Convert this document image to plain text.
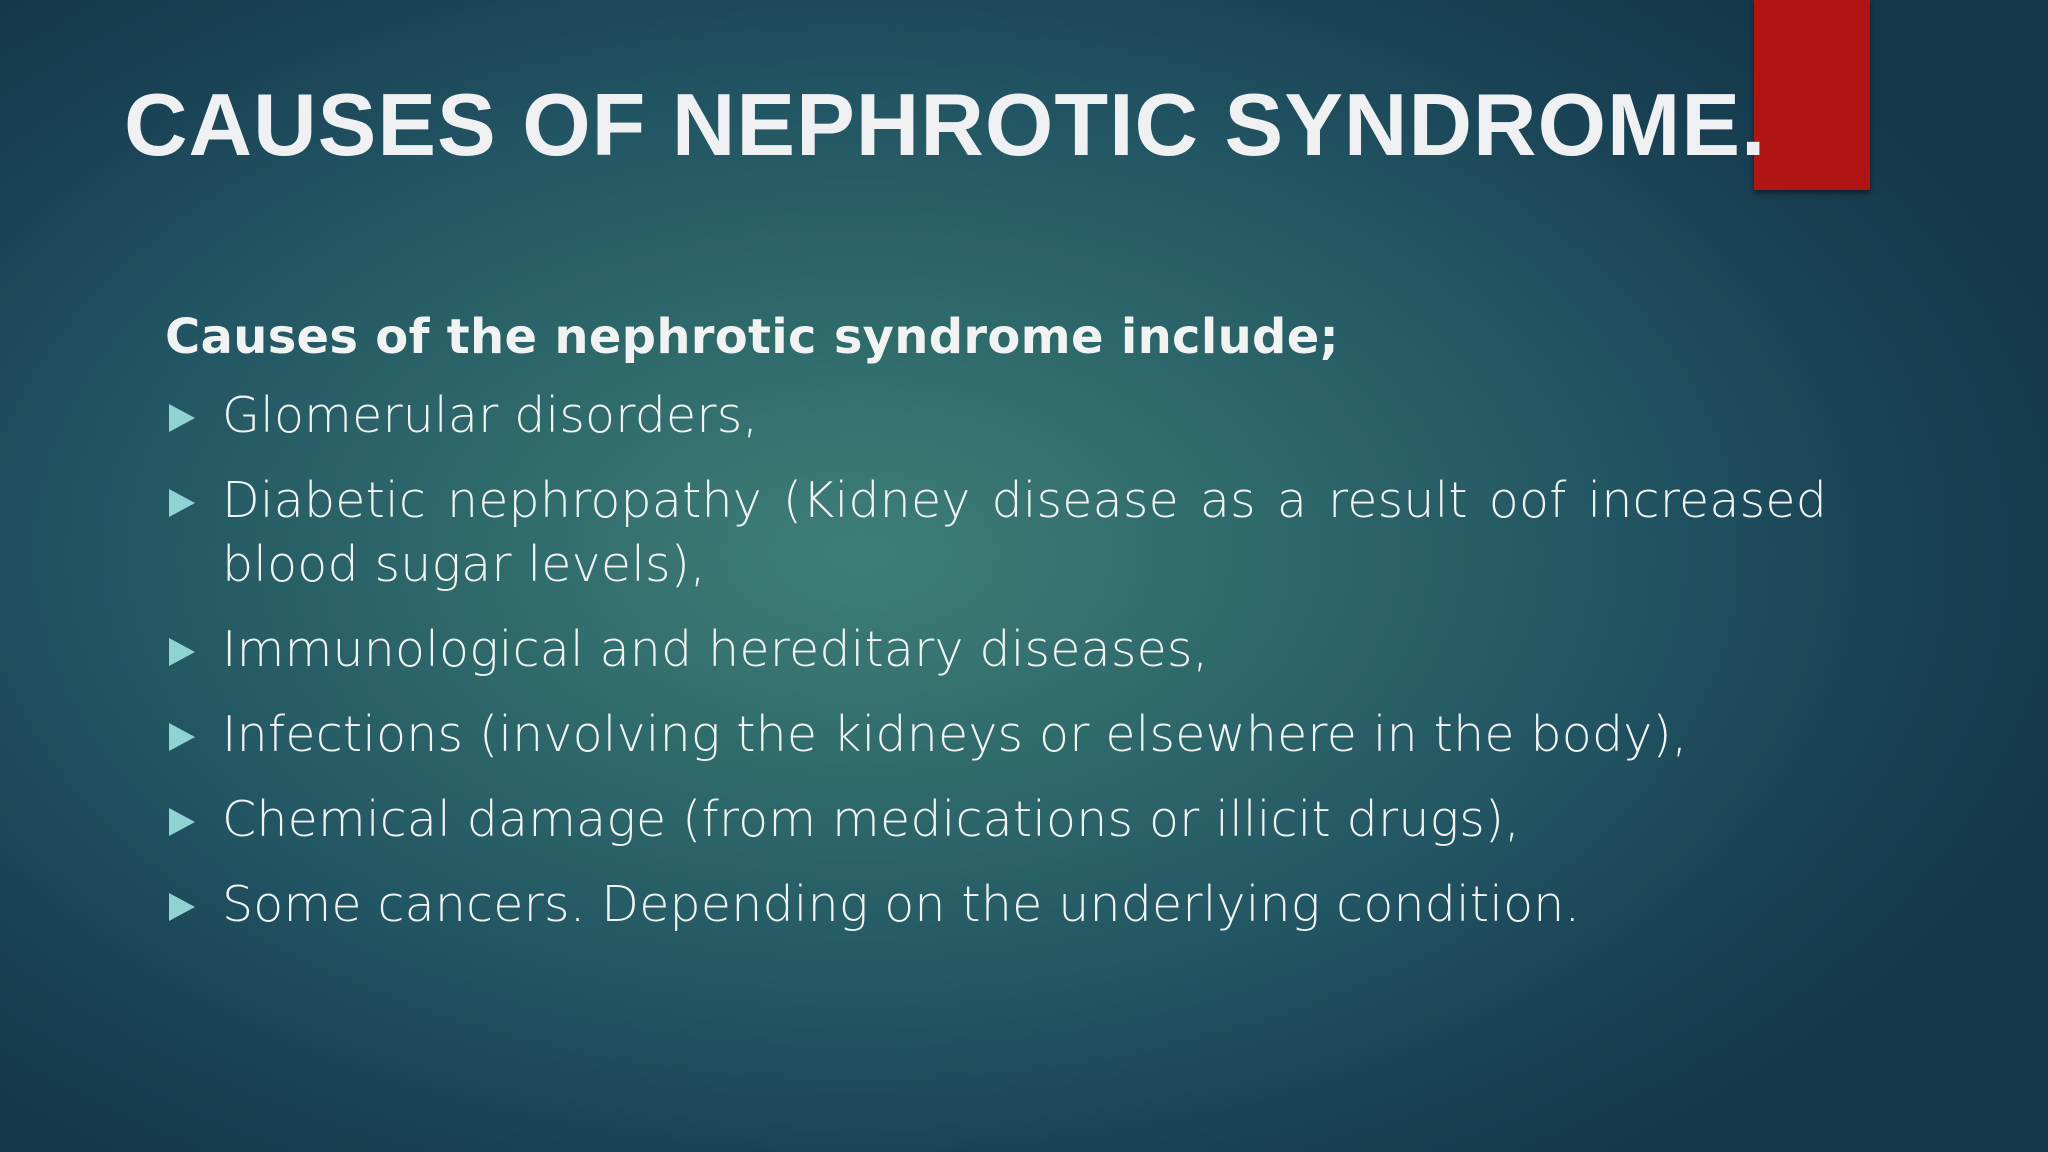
CAUSES OF NEPHROTIC SYNDROME.

Causes of the nephrotic syndrome include;

Glomerular disorders,
Diabetic nephropathy (Kidney disease as a result oof increased blood sugar levels),
Immunological and hereditary diseases,
Infections (involving the kidneys or elsewhere in the body),
Chemical damage (from medications or illicit drugs),
Some cancers. Depending on the underlying condition.
